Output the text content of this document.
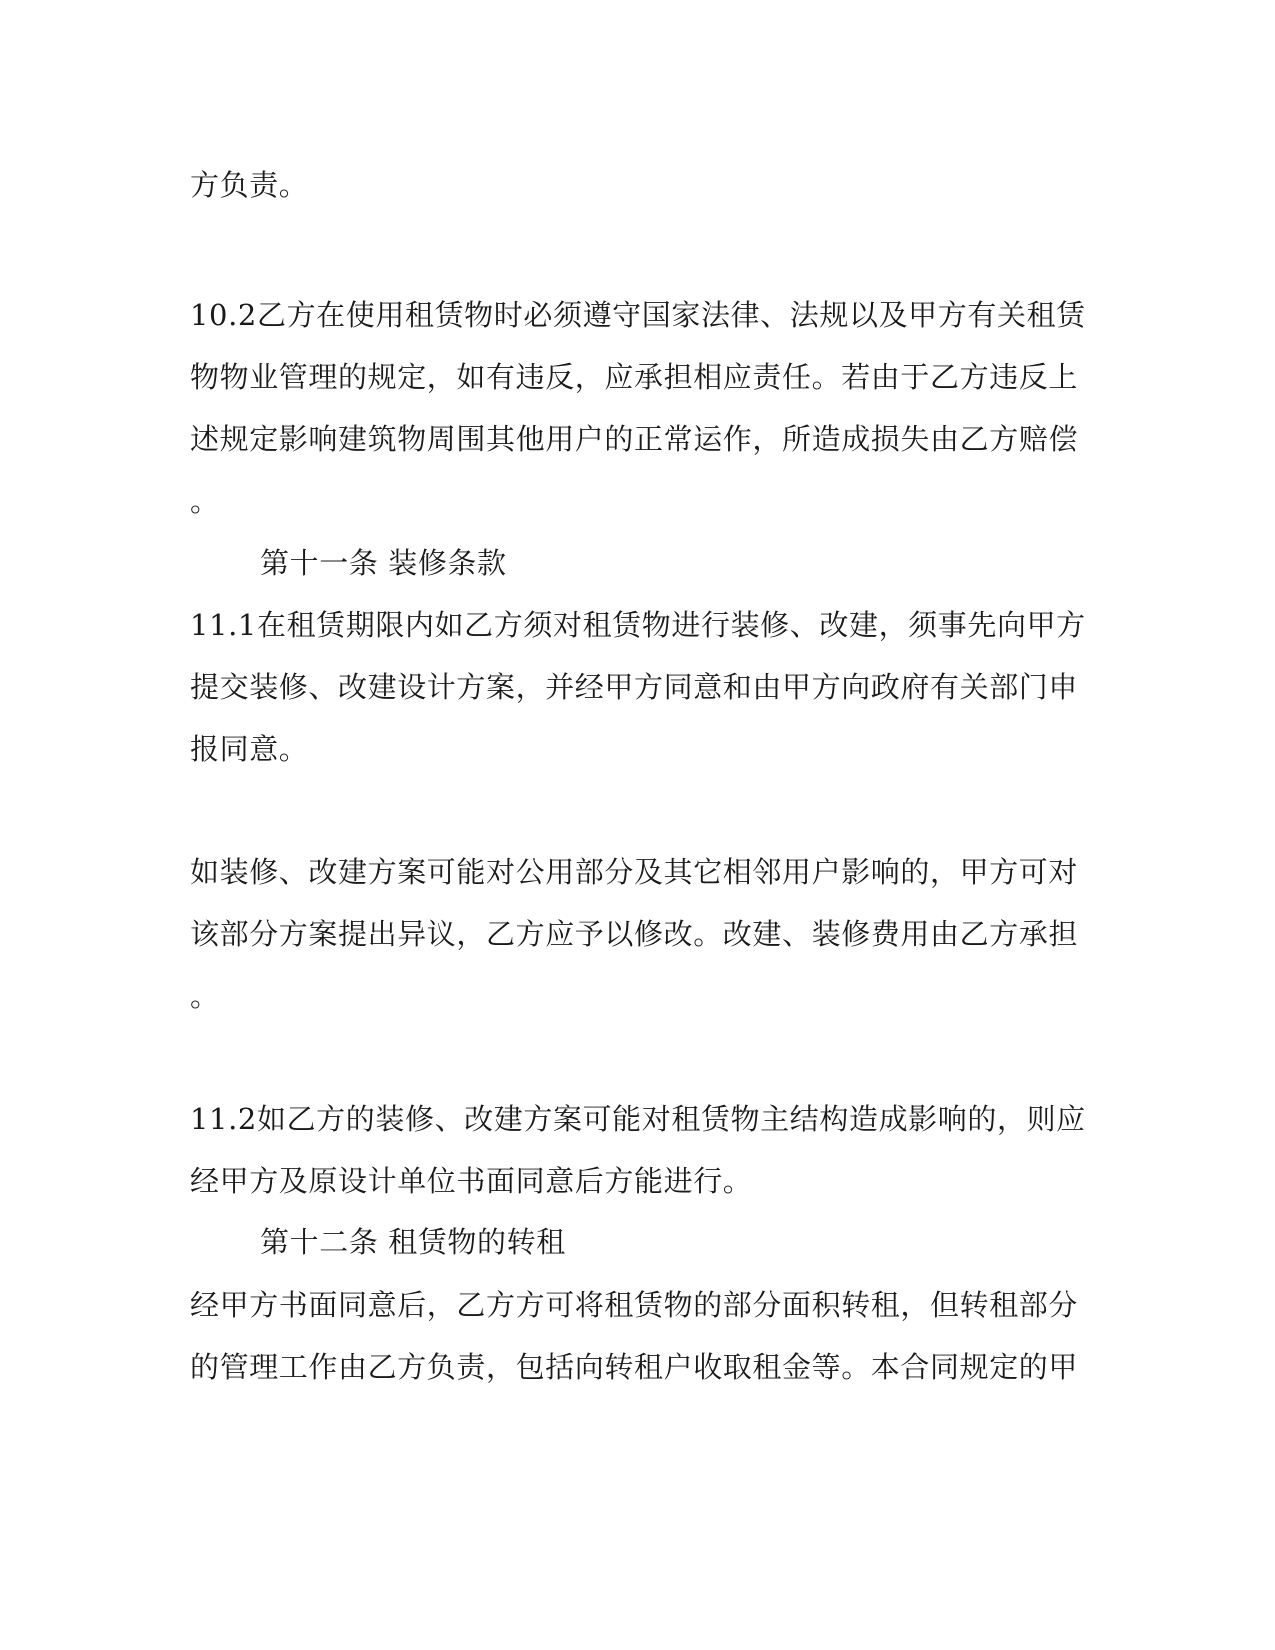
方负责。
10.2乙方在使用租赁物时必须遵守国家法律、法规以及甲方有关租赁
物物业管理的规定，如有违反，应承担相应责任。若由于乙方违反上
述规定影响建筑物周围其他用户的正常运作，所造成损失由乙方赔偿
。
第十一条 装修条款
11.1在租赁期限内如乙方须对租赁物进行装修、改建，须事先向甲方
提交装修、改建设计方案，并经甲方同意和由甲方向政府有关部门申
报同意。
如装修、改建方案可能对公用部分及其它相邻用户影响的，甲方可对
该部分方案提出异议，乙方应予以修改。改建、装修费用由乙方承担
。
11.2如乙方的装修、改建方案可能对租赁物主结构造成影响的，则应
经甲方及原设计单位书面同意后方能进行。
第十二条 租赁物的转租
经甲方书面同意后，乙方方可将租赁物的部分面积转租，但转租部分
的管理工作由乙方负责，包括向转租户收取租金等。本合同规定的甲
